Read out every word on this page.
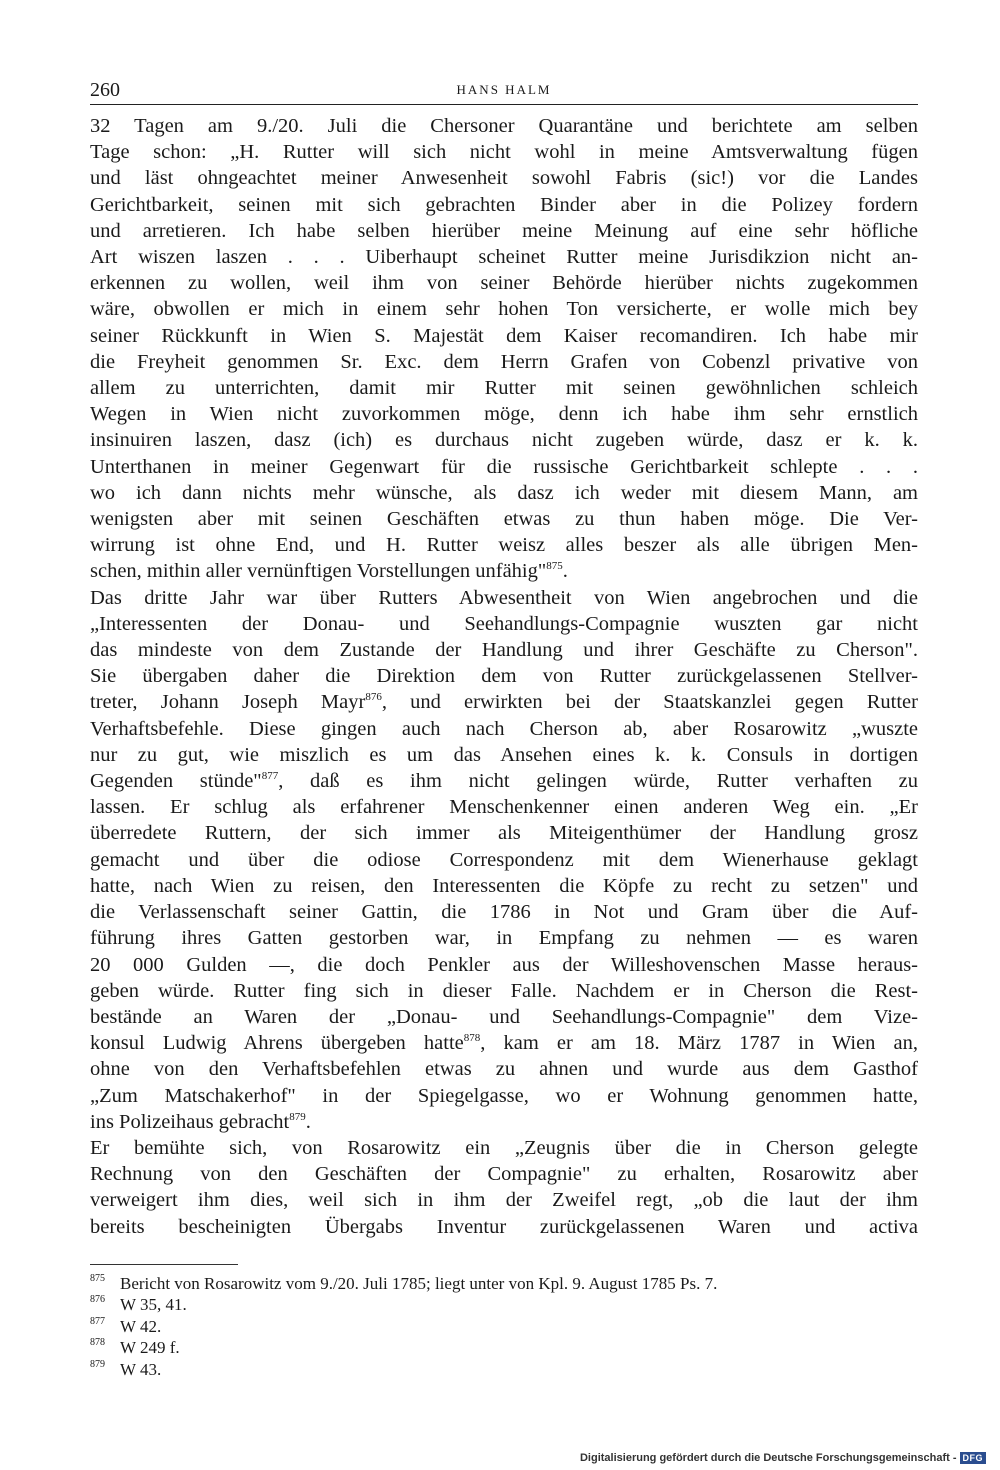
260	HANS HALM
32 Tagen am 9./20. Juli die Chersoner Quarantäne und berichtete am selben
Tage schon: „H. Rutter will sich nicht wohl in meine Amtsverwaltung fügen
und läst ohngeachtet meiner Anwesenheit sowohl Fabris (sic!) vor die Landes
Gerichtbarkeit, seinen mit sich gebrachten Binder aber in die Polizey fordern
und arretieren. Ich habe selben hierüber meine Meinung auf eine sehr höfliche
Art wiszen laszen . . . Uiberhaupt scheinet Rutter meine Jurisdikzion nicht an-
erkennen zu wollen, weil ihm von seiner Behörde hierüber nichts zugekommen
wäre, obwollen er mich in einem sehr hohen Ton versicherte, er wolle mich bey
seiner Rückkunft in Wien S. Majestät dem Kaiser recomandiren. Ich habe mir
die Freyheit genommen Sr. Exc. dem Herrn Grafen von Cobenzl privative von
allem zu unterrichten, damit mir Rutter mit seinen gewöhnlichen schleich
Wegen in Wien nicht zuvorkommen möge, denn ich habe ihm sehr ernstlich
insinuiren laszen, dasz (ich) es durchaus nicht zugeben würde, dasz er k. k.
Unterthanen in meiner Gegenwart für die russische Gerichtbarkeit schlepte . . .
wo ich dann nichts mehr wünsche, als dasz ich weder mit diesem Mann, am
wenigsten aber mit seinen Geschäften etwas zu thun haben möge. Die Ver-
wirrung ist ohne End, und H. Rutter weisz alles beszer als alle übrigen Men-
schen, mithin aller vernünftigen Vorstellungen unfähig"$^{875}$.
Das dritte Jahr war über Rutters Abwesentheit von Wien angebrochen und die
„Interessenten der Donau- und Seehandlungs-Compagnie wuszten gar nicht
das mindeste von dem Zustande der Handlung und ihrer Geschäfte zu Cherson".
Sie übergaben daher die Direktion dem von Rutter zurückgelassenen Stellver-
treter, Johann Joseph Mayr$^{876}$, und erwirkten bei der Staatskanzlei gegen Rutter
Verhaftsbefehle. Diese gingen auch nach Cherson ab, aber Rosarowitz „wuszte
nur zu gut, wie miszlich es um das Ansehen eines k. k. Consuls in dortigen
Gegenden stünde"$^{877}$, daß es ihm nicht gelingen würde, Rutter verhaften zu
lassen. Er schlug als erfahrener Menschenkenner einen anderen Weg ein. „Er
überredete Ruttern, der sich immer als Miteigenthümer der Handlung grosz
gemacht und über die odiose Correspondenz mit dem Wienerhause geklagt
hatte, nach Wien zu reisen, den Interessenten die Köpfe zu recht zu setzen" und
die Verlassenschaft seiner Gattin, die 1786 in Not und Gram über die Auf-
führung ihres Gatten gestorben war, in Empfang zu nehmen — es waren
20 000 Gulden —, die doch Penkler aus der Willeshovenschen Masse heraus-
geben würde. Rutter fing sich in dieser Falle. Nachdem er in Cherson die Rest-
bestände an Waren der „Donau- und Seehandlungs-Compagnie" dem Vize-
konsul Ludwig Ahrens übergeben hatte$^{878}$, kam er am 18. März 1787 in Wien an,
ohne von den Verhaftsbefehlen etwas zu ahnen und wurde aus dem Gasthof
„Zum Matschakerhof" in der Spiegelgasse, wo er Wohnung genommen hatte,
ins Polizeihaus gebracht$^{879}$.
Er bemühte sich, von Rosarowitz ein „Zeugnis über die in Cherson gelegte
Rechnung von den Geschäften der Compagnie" zu erhalten, Rosarowitz aber
verweigert ihm dies, weil sich in ihm der Zweifel regt, „ob die laut der ihm
bereits bescheinigten Übergabs Inventur zurückgelassenen Waren und activa
875 Bericht von Rosarowitz vom 9./20. Juli 1785; liegt unter von Kpl. 9. August 1785 Ps. 7.
876 W 35, 41.
877 W 42.
878 W 249 f.
879 W 43.
Digitalisierung gefördert durch die Deutsche Forschungsgemeinschaft - DFG
